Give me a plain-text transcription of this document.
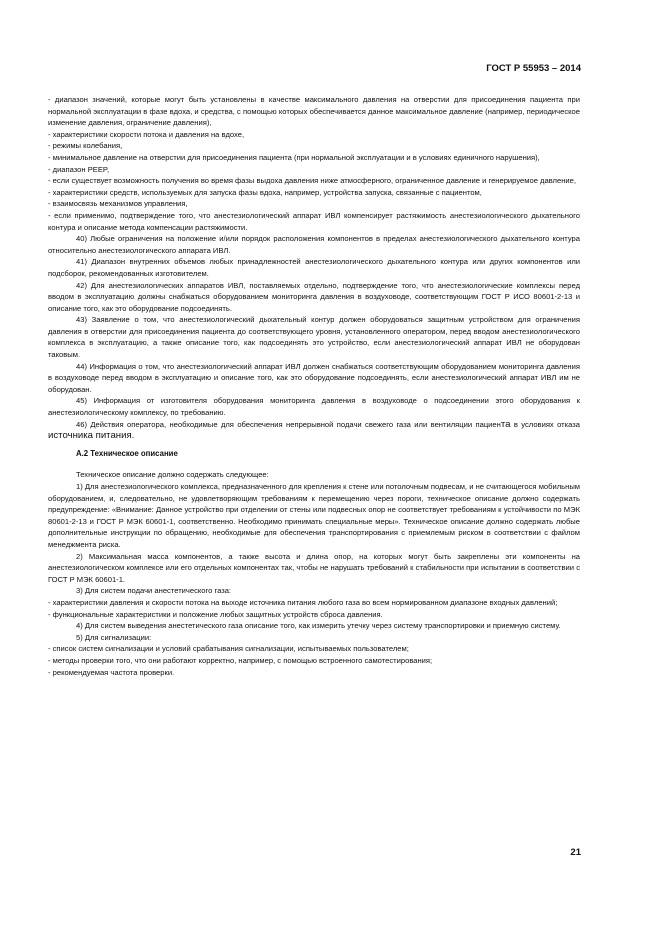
ГОСТ Р 55953 – 2014

- диапазон значений, которые могут быть установлены в качестве максимального давления на отверстии для присоединения пациента при нормальной эксплуатации в фазе вдоха, и средства, с помощью которых обеспечивается данное максимальное давление (например, периодическое изменение давления, ограничение давления),

- характеристики скорости потока и давления на вдохе,

- режимы колебания,

- минимальное давление на отверстии для присоединения пациента (при нормальной эксплуатации и в условиях единичного нарушения),

- диапазон PEEP,

- если существует возможность получения во время фазы выдоха давления ниже атмосферного, ограниченное давление и генерируемое давление,

- характеристики средств, используемых для запуска фазы вдоха, например, устройства запуска, связанные с пациентом,

- взаимосвязь механизмов управления,

- если применимо, подтверждение того, что анестезиологический аппарат ИВЛ компенсирует растяжимость анестезиологического дыхательного контура и описание метода компенсации растяжимости.

40) Любые ограничения на положение и/или порядок расположения компонентов в пределах анестезиологического дыхательного контура относительно анестезиологического аппарата ИВЛ.

41) Диапазон внутренних объемов любых принадлежностей анестезиологического дыхательного контура или других компонентов или подсборок, рекомендованных изготовителем.

42) Для анестезиологических аппаратов ИВЛ, поставляемых отдельно, подтверждение того, что анестезиологические комплексы перед вводом в эксплуатацию должны снабжаться оборудованием мониторинга давления в воздуховоде, соответствующим ГОСТ Р ИСО 80601-2-13 и описание того, как это оборудование подсоединять.

43) Заявление о том, что анестезиологический дыхательный контур должен оборудоваться защитным устройством для ограничения давления в отверстии для присоединения пациента до соответствующего уровня, установленного оператором, перед вводом анестезиологического комплекса в эксплуатацию, а также описание того, как подсоединять это устройство, если анестезиологический аппарат ИВЛ не оборудован таковым.

44) Информация о том, что анестезиологический аппарат ИВЛ должен снабжаться соответствующим оборудованием мониторинга давления в воздуховоде перед вводом в эксплуатацию и описание того, как это оборудование подсоединять, если анестезиологический аппарат ИВЛ им не оборудован.

45) Информация от изготовителя оборудования мониторинга давления в воздуховоде о подсоединении этого оборудования к анестезиологическому комплексу, по требованию.

46) Действия оператора, необходимые для обеспечения непрерывной подачи свежего газа или вентиляции пациента в условиях отказа источника питания.

А.2 Техническое описание

Техническое описание должно содержать следующее:

1) Для анестезиологического комплекса, предназначенного для крепления к стене или потолочным подвесам, и не считающегося мобильным оборудованием, и, следовательно, не удовлетворяющим требованиям к перемещению через пороги, техническое описание должно содержать предупреждение: «Внимание: Данное устройство при отделении от стены или подвесных опор не соответствует требованиям к устойчивости по МЭК 80601-2-13 и ГОСТ Р МЭК 60601-1, соответственно. Необходимо принимать специальные меры». Техническое описание должно содержать любые дополнительные инструкции по обращению, необходимые для обеспечения транспортирования с приемлемым риском в соответствии с файлом менеджмента риска.

2) Максимальная масса компонентов, а также высота и длина опор, на которых могут быть закреплены эти компоненты на анестезиологическом комплексе или его отдельных компонентах так, чтобы не нарушать требований к стабильности при испытании в соответствии с ГОСТ Р МЭК 60601-1.

3) Для систем подачи анестетического газа:

- характеристики давления и скорости потока на выходе источника питания любого газа во всем нормированном диапазоне входных давлений;

- функциональные характеристики и положение любых защитных устройств сброса давления.

4) Для систем выведения анестетического газа описание того, как измерить утечку через систему транспортировки и приемную систему.

5) Для сигнализации:

- список систем сигнализации и условий срабатывания сигнализации, испытываемых пользователем;

- методы проверки того, что они работают корректно, например, с помощью встроенного самотестирования;

- рекомендуемая частота проверки.

21
